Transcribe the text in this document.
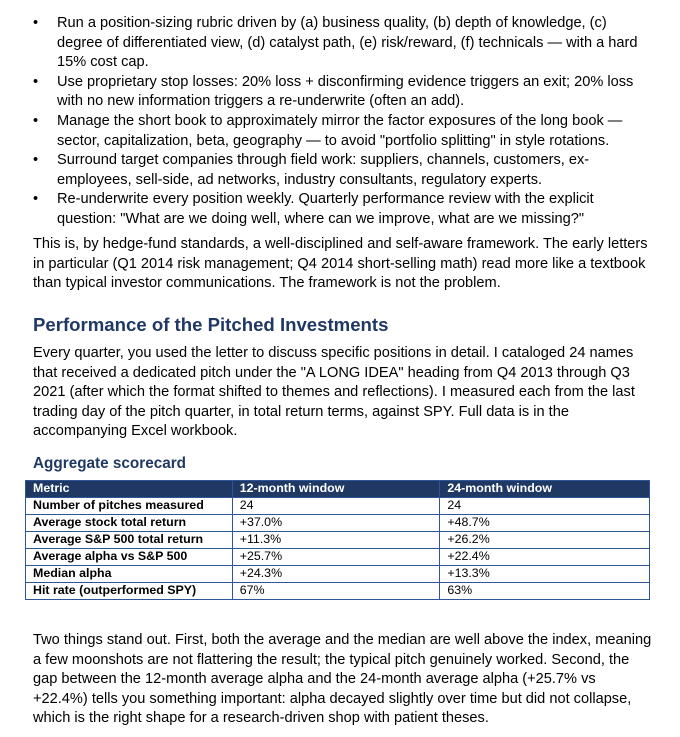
• Run a position-sizing rubric driven by (a) business quality, (b) depth of knowledge, (c) degree of differentiated view, (d) catalyst path, (e) risk/reward, (f) technicals — with a hard 15% cost cap.
• Use proprietary stop losses: 20% loss + disconfirming evidence triggers an exit; 20% loss with no new information triggers a re-underwrite (often an add).
• Manage the short book to approximately mirror the factor exposures of the long book — sector, capitalization, beta, geography — to avoid "portfolio splitting" in style rotations.
• Surround target companies through field work: suppliers, channels, customers, ex-employees, sell-side, ad networks, industry consultants, regulatory experts.
• Re-underwrite every position weekly. Quarterly performance review with the explicit question: "What are we doing well, where can we improve, what are we missing?"

This is, by hedge-fund standards, a well-disciplined and self-aware framework. The early letters in particular (Q1 2014 risk management; Q4 2014 short-selling math) read more like a textbook than typical investor communications. The framework is not the problem.

Performance of the Pitched Investments

Every quarter, you used the letter to discuss specific positions in detail. I cataloged 24 names that received a dedicated pitch under the "A LONG IDEA" heading from Q4 2013 through Q3 2021 (after which the format shifted to themes and reflections). I measured each from the last trading day of the pitch quarter, in total return terms, against SPY. Full data is in the accompanying Excel workbook.

Aggregate scorecard
Metric	12-month window	24-month window
Number of pitches measured	24	24
Average stock total return	+37.0%	+48.7%
Average S&P 500 total return	+11.3%	+26.2%
Average alpha vs S&P 500	+25.7%	+22.4%
Median alpha	+24.3%	+13.3%
Hit rate (outperformed SPY)	67%	63%

Two things stand out. First, both the average and the median are well above the index, meaning a few moonshots are not flattering the result; the typical pitch genuinely worked. Second, the gap between the 12-month average alpha and the 24-month average alpha (+25.7% vs +22.4%) tells you something important: alpha decayed slightly over time but did not collapse, which is the right shape for a research-driven shop with patient theses.
